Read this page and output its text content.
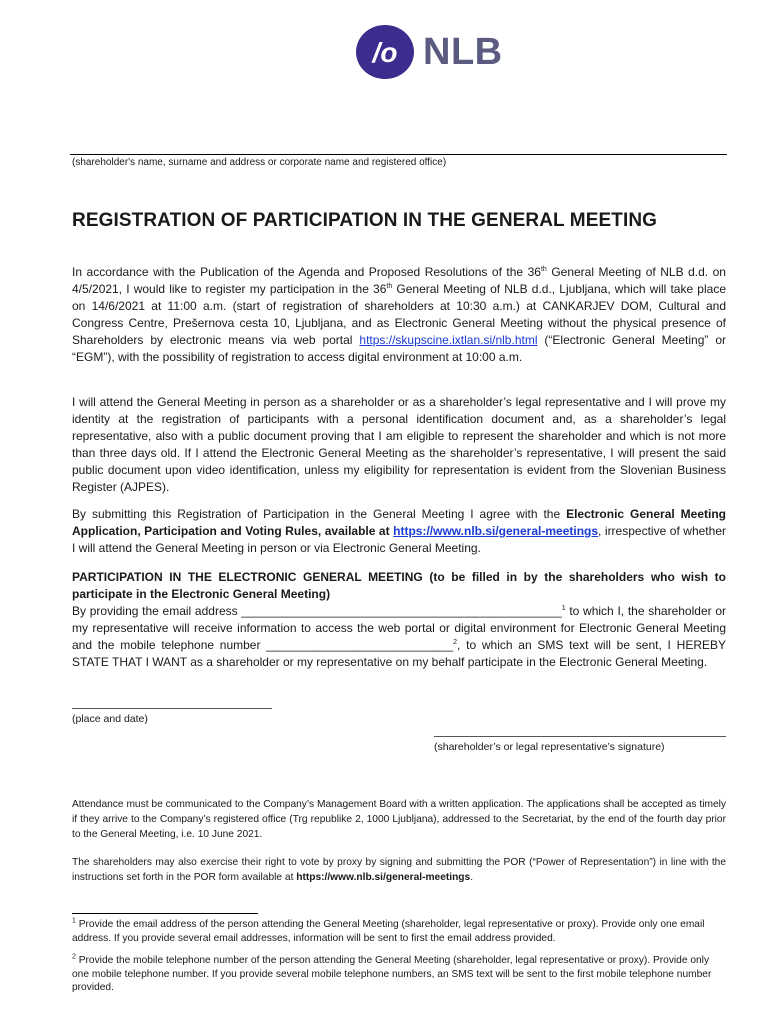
/o NLB
(shareholder's name, surname and address or corporate name and registered office)
REGISTRATION OF PARTICIPATION IN THE GENERAL MEETING

In accordance with the Publication of the Agenda and Proposed Resolutions of the 36th General Meeting of NLB d.d. on 4/5/2021, I would like to register my participation in the 36th General Meeting of NLB d.d., Ljubljana, which will take place on 14/6/2021 at 11:00 a.m. (start of registration of shareholders at 10:30 a.m.) at CANKARJEV DOM, Cultural and Congress Centre, Prešernova cesta 10, Ljubljana, and as Electronic General Meeting without the physical presence of Shareholders by electronic means via web portal https://skupscine.ixtlan.si/nlb.html (“Electronic General Meeting” or “EGM”), with the possibility of registration to access digital environment at 10:00 a.m.

I will attend the General Meeting in person as a shareholder or as a shareholder’s legal representative and I will prove my identity at the registration of participants with a personal identification document and, as a shareholder’s legal representative, also with a public document proving that I am eligible to represent the shareholder and which is not more than three days old. If I attend the Electronic General Meeting as the shareholder’s representative, I will present the said public document upon video identification, unless my eligibility for representation is evident from the Slovenian Business Register (AJPES).

By submitting this Registration of Participation in the General Meeting I agree with the Electronic General Meeting Application, Participation and Voting Rules, available at https://www.nlb.si/general-meetings, irrespective of whether I will attend the General Meeting in person or via Electronic General Meeting.

PARTICIPATION IN THE ELECTRONIC GENERAL MEETING (to be filled in by the shareholders who wish to participate in the Electronic General Meeting)
By providing the email address ________________________________________________$^1$ to which I, the shareholder or my representative will receive information to access the web portal or digital environment for Electronic General Meeting and the mobile telephone number ____________________________$^2$, to which an SMS text will be sent, I HEREBY STATE THAT I WANT as a shareholder or my representative on my behalf participate in the Electronic General Meeting.

(place and date)
(shareholder’s or legal representative’s signature)

Attendance must be communicated to the Company’s Management Board with a written application. The applications shall be accepted as timely if they arrive to the Company’s registered office (Trg republike 2, 1000 Ljubljana), addressed to the Secretariat, by the end of the fourth day prior to the General Meeting, i.e. 10 June 2021.

The shareholders may also exercise their right to vote by proxy by signing and submitting the POR (“Power of Representation”) in line with the instructions set forth in the POR form available at https://www.nlb.si/general-meetings.

$^1$ Provide the email address of the person attending the General Meeting (shareholder, legal representative or proxy). Provide only one email address. If you provide several email addresses, information will be sent to first the email address provided.

$^2$ Provide the mobile telephone number of the person attending the General Meeting (shareholder, legal representative or proxy). Provide only one mobile telephone number. If you provide several mobile telephone numbers, an SMS text will be sent to the first mobile telephone number provided.
